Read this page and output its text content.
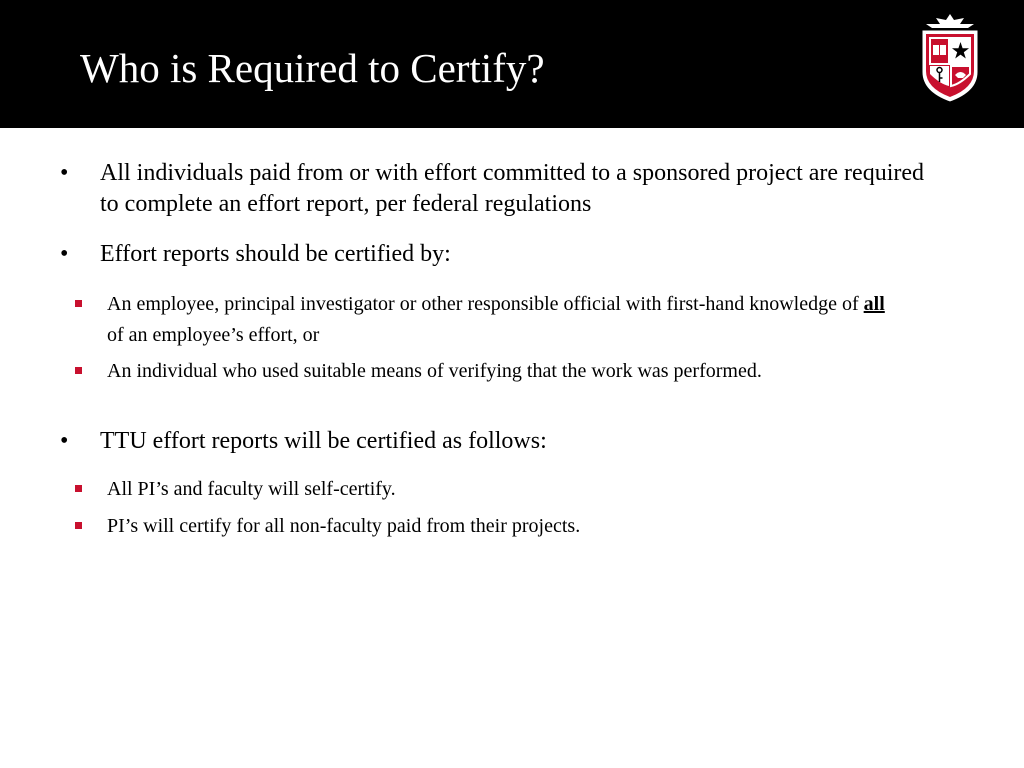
Who is Required to Certify?
• All individuals paid from or with effort committed to a sponsored project are required to complete an effort report, per federal regulations
• Effort reports should be certified by:
An employee, principal investigator or other responsible official with first-hand knowledge of all of an employee’s effort, or
An individual who used suitable means of verifying that the work was performed.
• TTU effort reports will be certified as follows:
All PI’s and faculty will self-certify.
PI’s will certify for all non-faculty paid from their projects.
